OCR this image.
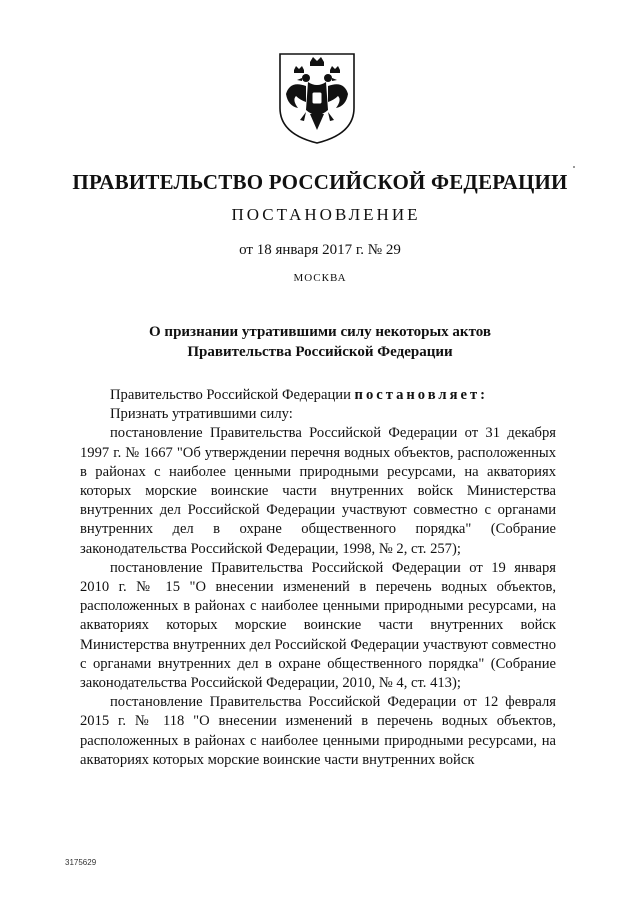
ПРАВИТЕЛЬСТВО РОССИЙСКОЙ ФЕДЕРАЦИИ
ПОСТАНОВЛЕНИЕ
от 18 января 2017 г. № 29
МОСКВА
О признании утратившими силу некоторых актов
Правительства Российской Федерации

Правительство Российской Федерации постановляет:

Признать утратившими силу:

постановление Правительства Российской Федерации от 31 декабря 1997 г. № 1667 "Об утверждении перечня водных объектов, расположенных в районах с наиболее ценными природными ресурсами, на акваториях которых морские воинские части внутренних войск Министерства внутренних дел Российской Федерации участвуют совместно с органами внутренних дел в охране общественного порядка" (Собрание законодательства Российской Федерации, 1998, № 2, ст. 257);

постановление Правительства Российской Федерации от 19 января 2010 г. № 15 "О внесении изменений в перечень водных объектов, расположенных в районах с наиболее ценными природными ресурсами, на акваториях которых морские воинские части внутренних войск Министерства внутренних дел Российской Федерации участвуют совместно с органами внутренних дел в охране общественного порядка" (Собрание законодательства Российской Федерации, 2010, № 4, ст. 413);

постановление Правительства Российской Федерации от 12 февраля 2015 г. № 118 "О внесении изменений в перечень водных объектов, расположенных в районах с наиболее ценными природными ресурсами, на акваториях которых морские воинские части внутренних войск

3175629
